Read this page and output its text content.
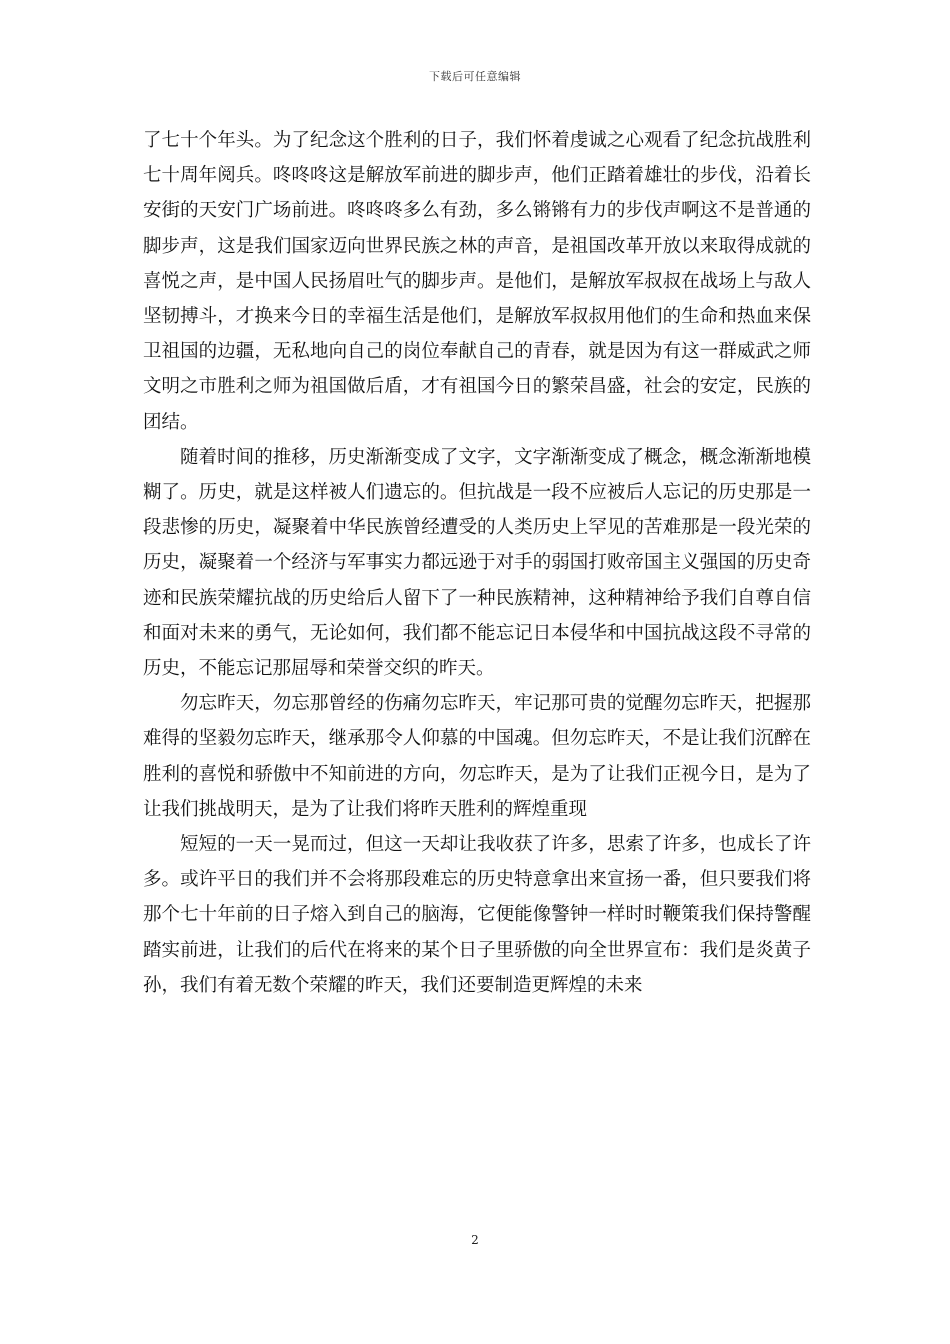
下载后可任意编辑

了七十个年头。为了纪念这个胜利的日子，我们怀着虔诚之心观看了纪念抗战胜利七十周年阅兵。咚咚咚这是解放军前进的脚步声，他们正踏着雄壮的步伐，沿着长安街的天安门广场前进。咚咚咚多么有劲，多么锵锵有力的步伐声啊这不是普通的脚步声，这是我们国家迈向世界民族之林的声音，是祖国改革开放以来取得成就的喜悦之声，是中国人民扬眉吐气的脚步声。是他们，是解放军叔叔在战场上与敌人坚韧搏斗，才换来今日的幸福生活是他们，是解放军叔叔用他们的生命和热血来保卫祖国的边疆，无私地向自己的岗位奉献自己的青春，就是因为有这一群威武之师文明之市胜利之师为祖国做后盾，才有祖国今日的繁荣昌盛，社会的安定，民族的团结。

随着时间的推移，历史渐渐变成了文字，文字渐渐变成了概念，概念渐渐地模糊了。历史，就是这样被人们遗忘的。但抗战是一段不应被后人忘记的历史那是一段悲惨的历史，凝聚着中华民族曾经遭受的人类历史上罕见的苦难那是一段光荣的历史，凝聚着一个经济与军事实力都远逊于对手的弱国打败帝国主义强国的历史奇迹和民族荣耀抗战的历史给后人留下了一种民族精神，这种精神给予我们自尊自信和面对未来的勇气，无论如何，我们都不能忘记日本侵华和中国抗战这段不寻常的历史，不能忘记那屈辱和荣誉交织的昨天。

勿忘昨天，勿忘那曾经的伤痛勿忘昨天，牢记那可贵的觉醒勿忘昨天，把握那难得的坚毅勿忘昨天，继承那令人仰慕的中国魂。但勿忘昨天，不是让我们沉醉在胜利的喜悦和骄傲中不知前进的方向，勿忘昨天，是为了让我们正视今日，是为了让我们挑战明天，是为了让我们将昨天胜利的辉煌重现

短短的一天一晃而过，但这一天却让我收获了许多，思索了许多，也成长了许多。或许平日的我们并不会将那段难忘的历史特意拿出来宣扬一番，但只要我们将那个七十年前的日子熔入到自己的脑海，它便能像警钟一样时时鞭策我们保持警醒踏实前进，让我们的后代在将来的某个日子里骄傲的向全世界宣布：我们是炎黄子孙，我们有着无数个荣耀的昨天，我们还要制造更辉煌的未来

2
